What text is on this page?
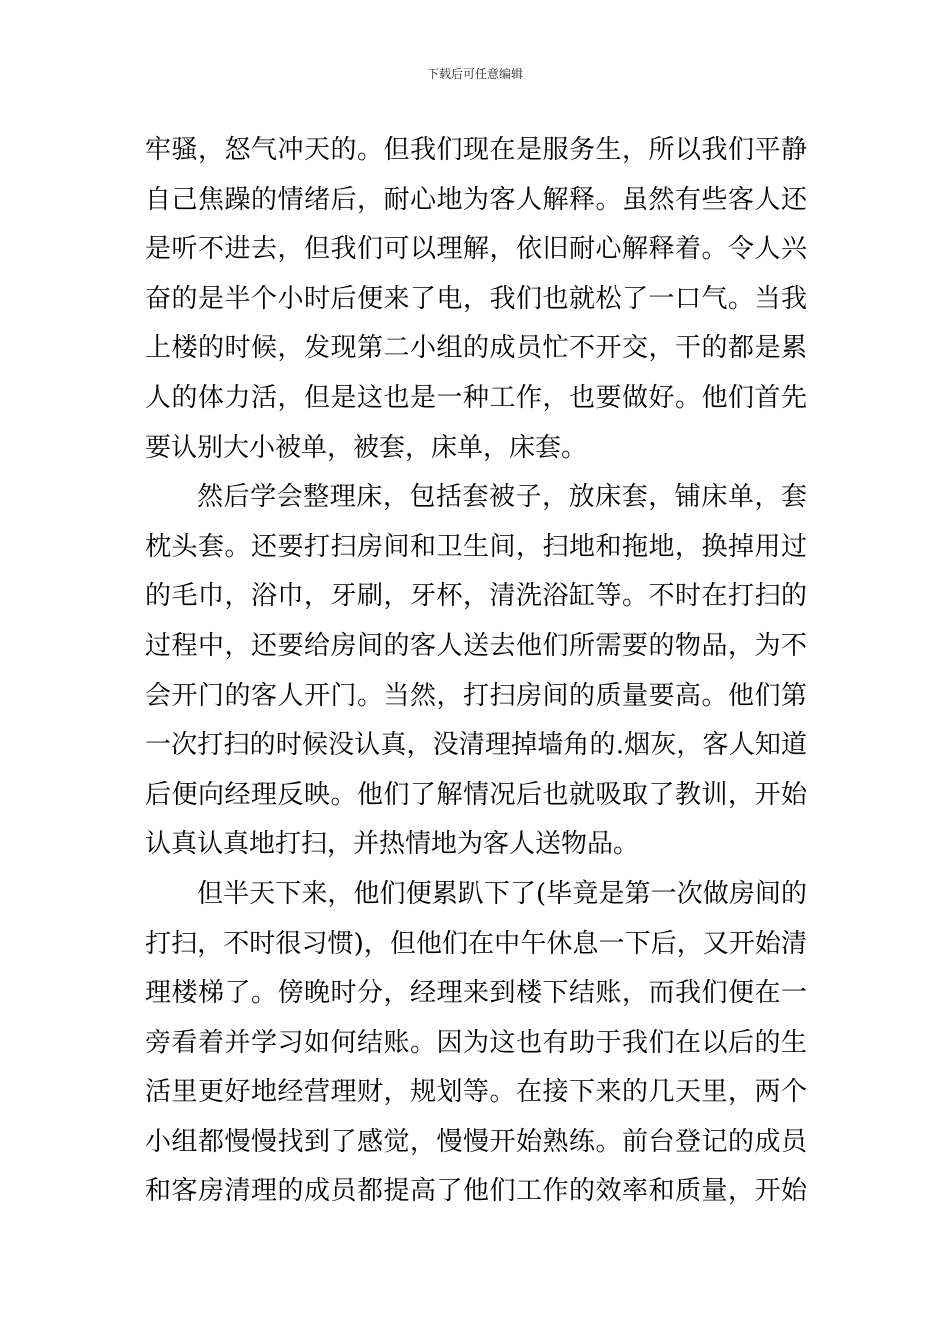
下载后可任意编辑
牢骚，怒气冲天的。但我们现在是服务生，所以我们平静
自己焦躁的情绪后，耐心地为客人解释。虽然有些客人还
是听不进去，但我们可以理解，依旧耐心解释着。令人兴
奋的是半个小时后便来了电，我们也就松了一口气。当我
上楼的时候，发现第二小组的成员忙不开交，干的都是累
人的体力活，但是这也是一种工作，也要做好。他们首先
要认别大小被单，被套，床单，床套。
然后学会整理床，包括套被子，放床套，铺床单，套
枕头套。还要打扫房间和卫生间，扫地和拖地，换掉用过
的毛巾，浴巾，牙刷，牙杯，清洗浴缸等。不时在打扫的
过程中，还要给房间的客人送去他们所需要的物品，为不
会开门的客人开门。当然，打扫房间的质量要高。他们第
一次打扫的时候没认真，没清理掉墙角的.烟灰，客人知道
后便向经理反映。他们了解情况后也就吸取了教训，开始
认真认真地打扫，并热情地为客人送物品。
但半天下来，他们便累趴下了(毕竟是第一次做房间的
打扫，不时很习惯)，但他们在中午休息一下后，又开始清
理楼梯了。傍晚时分，经理来到楼下结账，而我们便在一
旁看着并学习如何结账。因为这也有助于我们在以后的生
活里更好地经营理财，规划等。在接下来的几天里，两个
小组都慢慢找到了感觉，慢慢开始熟练。前台登记的成员
和客房清理的成员都提高了他们工作的效率和质量，开始
